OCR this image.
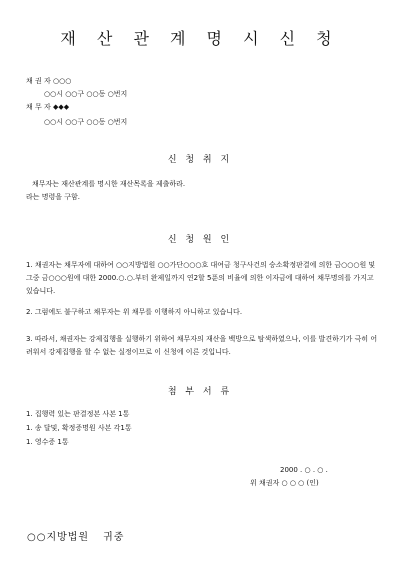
재 산 관 계 명 시 신 청
채 권 자 ○○○
○○시 ○○구 ○○동 ○번지
채 무 자 ◆◆◆
○○시 ○○구 ○○동 ○번지
신 청 취 지
채무자는 재산관계를 명시한 재산목록을 제출하라.
라는 명령을 구함.
신 청 원 인
1. 채권자는 채무자에 대하여 ○○지방법원 ○○가단○○○호 대여금 청구사건의 승소확정판결에 의한 금○○○원 및 그중 금○○○원에 대한 2000.○.○.부터 완제일까지 연2할 5푼의 비율에 의한 이자금에 대하여 채무명의를 가지고 있습니다.
2. 그럼에도 불구하고 채무자는 위 채무를 이행하지 아니하고 있습니다.
3. 따라서, 채권자는 강제집행을 실행하기 위하여 채무자의 재산을 백방으로 탐색하였으나, 이를 발견하기가 극히 어려워서 강제집행을 할 수 없는 실정이므로 이 신청에 이른 것입니다.
첨 부 서 류
1. 집행력 있는 판결정본 사본 1통
1. 송 달및, 확정증명원 사본 각1통
1. 영수증 1통
2000 . ○ . ○ .
위 채권자 ○ ○ ○ (인)
○○지방법원 귀중
